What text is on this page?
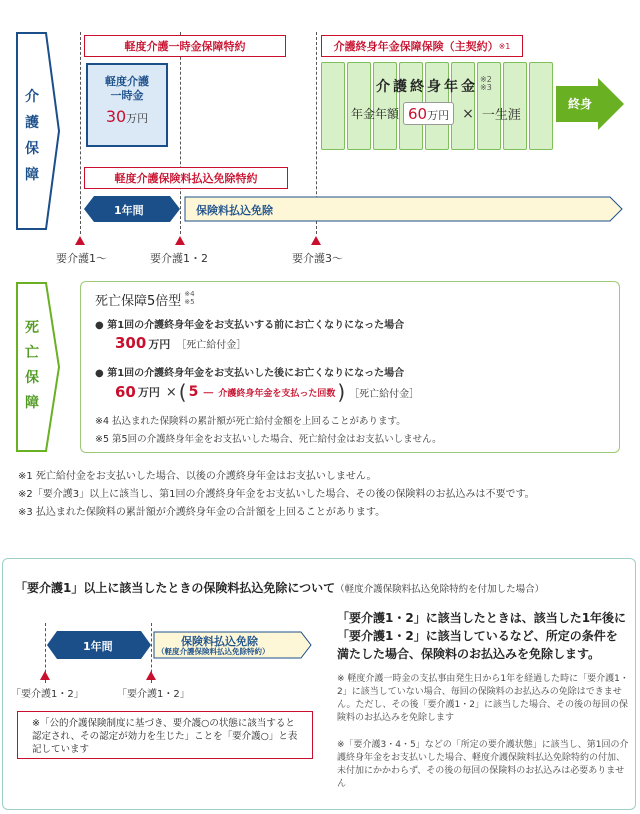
介護保障
軽度介護一時金保障特約	介護終身年金保障保険（主契約） ※1
軽度介護
一時金
30万円
終身
介護終身年金 ※2
※3
年金年額 60万円 × 一生涯
軽度介護保険料払込免除特約
1年間	保険料払込免除
要介護1〜	要介護1・2	要介護3〜
死亡保障
死亡保障5倍型 ※4
※5
● 第1回の介護終身年金をお支払いする前にお亡くなりになった場合
300 万円 ［死亡給付金］
● 第1回の介護終身年金をお支払いした後にお亡くなりになった場合
60 万円 × ( 5 － 介護終身年金を支払った回数 ) ［死亡給付金］
※4 払込まれた保険料の累計額が死亡給付金額を上回ることがあります。
※5 第5回の介護終身年金をお支払いした場合、死亡給付金はお支払いしません。
※1 死亡給付金をお支払いした場合、以後の介護終身年金はお支払いしません。
※2「要介護3」以上に該当し、第1回の介護終身年金をお支払いした場合、その後の保険料のお払込みは不要です。
※3 払込まれた保険料の累計額が介護終身年金の合計額を上回ることがあります。
「要介護1」以上に該当したときの保険料払込免除について（軽度介護保険料払込免除特約を付加した場合）
1年間	保険料払込免除
（軽度介護保険料払込免除特約）
「要介護1・2」	「要介護1・2」
※「公的介護保険制度に基づき、要介護○の状態に該当すると認定され、その認定が効力を生じた」ことを「要介護○」と表記しています
「要介護1・2」に該当したときは、該当した1年後に「要介護1・2」に該当しているなど、所定の条件を満たした場合、保険料のお払込みを免除します。
※ 軽度介護一時金の支払事由発生日から1年を経過した時に「要介護1・2」に該当していない場合、毎回の保険料のお払込みの免除はできません。ただし、その後「要介護1・2」に該当した場合、その後の毎回の保険料のお払込みを免除します
※「要介護3・4・5」などの「所定の要介護状態」に該当し、第1回の介護終身年金をお支払いした場合、軽度介護保険料払込免除特約の付加、未付加にかかわらず、その後の毎回の保険料のお払込みは必要ありません
